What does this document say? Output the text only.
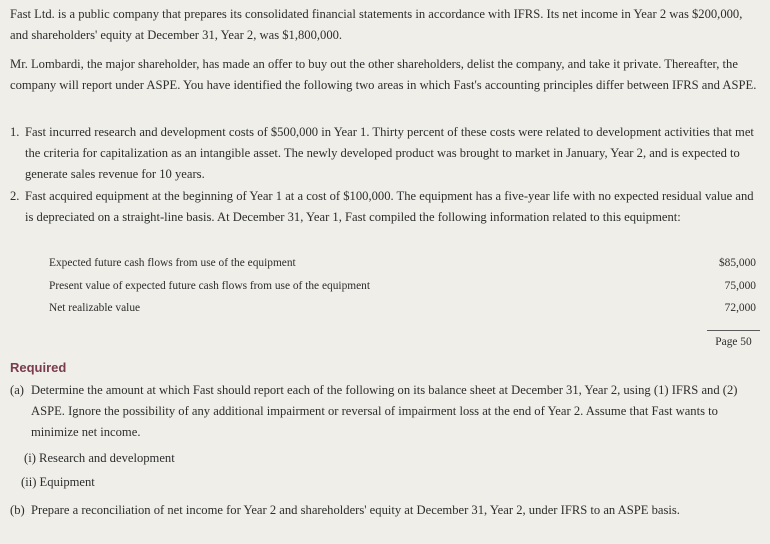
Fast Ltd. is a public company that prepares its consolidated financial statements in accordance with IFRS. Its net income in Year 2 was $200,000, and shareholders' equity at December 31, Year 2, was $1,800,000.

Mr. Lombardi, the major shareholder, has made an offer to buy out the other shareholders, delist the company, and take it private. Thereafter, the company will report under ASPE. You have identified the following two areas in which Fast's accounting principles differ between IFRS and ASPE.

1. Fast incurred research and development costs of $500,000 in Year 1. Thirty percent of these costs were related to development activities that met the criteria for capitalization as an intangible asset. The newly developed product was brought to market in January, Year 2, and is expected to generate sales revenue for 10 years.
2. Fast acquired equipment at the beginning of Year 1 at a cost of $100,000. The equipment has a five-year life with no expected residual value and is depreciated on a straight-line basis. At December 31, Year 1, Fast compiled the following information related to this equipment:
Expected future cash flows from use of the equipment	$85,000
Present value of expected future cash flows from use of the equipment	75,000
Net realizable value	72,000
Page 50
Required
(a) Determine the amount at which Fast should report each of the following on its balance sheet at December 31, Year 2, using (1) IFRS and (2) ASPE. Ignore the possibility of any additional impairment or reversal of impairment loss at the end of Year 2. Assume that Fast wants to minimize net income.
(i) Research and development
(ii) Equipment
(b) Prepare a reconciliation of net income for Year 2 and shareholders' equity at December 31, Year 2, under IFRS to an ASPE basis.
